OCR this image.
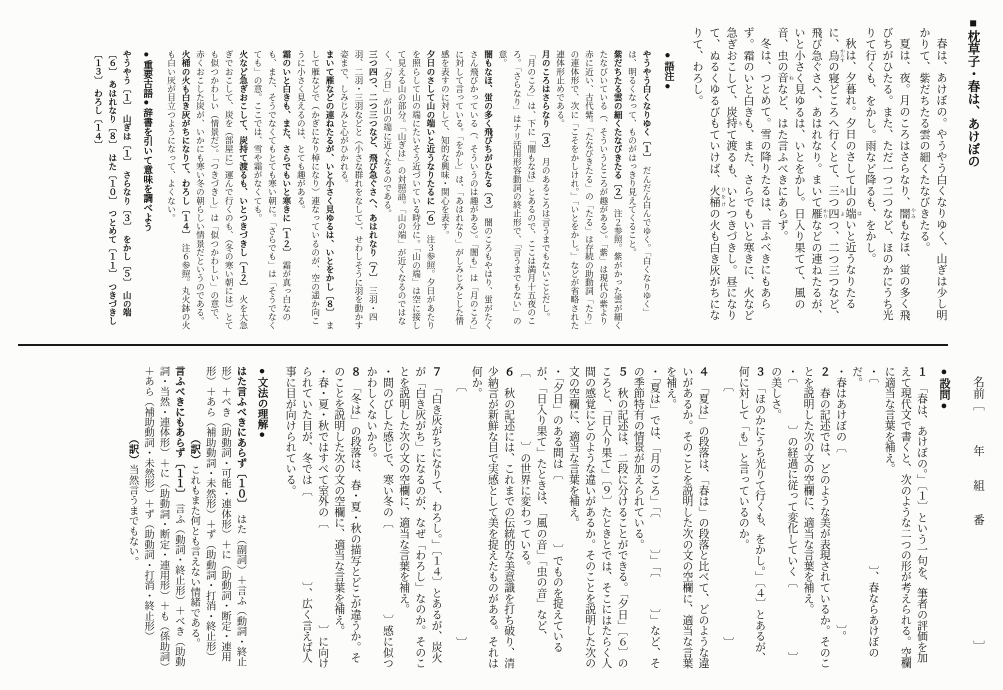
■枕草子・春は、あけぼの

春は、あけぼの。やうやう白くなりゆく、山ぎは少し明かりて、紫だちたる雲の細くたなびきたる。

夏は、夜。月のころはさらなり、闇 やみもなほ、蛍の多く飛びちがひたる。また、ただ一つ二つなど、ほのかにうち光りて行くも、をかし。雨など降るも、をかし。

秋は、夕暮れ。夕日のさして山の端 はいと近うなりたるに、烏 からすの寝どころへ行くとて、三 みつ四 よつ、二つ三つなど、飛び急ぐさへ、あはれなり。まいて雁 かりなどの連ねたるが、いと小さく見ゆるは、いとをかし。日入り果てて、風の音、虫の音 ねなど、はた言ふべきにあらず。

冬は、つとめて。雪の降りたるは、言ふべきにもあらず。霜のいと白きも、また、さらでもいと寒きに、火など急ぎおこして、炭持 もて渡るも、いとつきづきし。昼になりて、ぬるくゆるびもていけば、火桶 ひをけの火も白き灰がちになりて、わろし。

●語注●

やうやう白くなりゆく〔１〕　だんだん白んでゆく。「白くなりゆく」は、明るくなって、ものがはっきり見えてくること。

紫だちたる雲の細くたなびきたる〔２〕　注２参照。紫がかった雲が細くたなびいている（、そういうところが趣がある）。「紫」は現代の紫より赤に近い、古代紫。「たなびきたる」の「たる」は存続の助動詞「たり」の連体形で、次に「こそをかしけれ。」「いとをかし。」などが省略された連体形止めである。

月のころはさらなり〔３〕　月のあるころは言うまでもないことだし。「月のころ」は、下に「闇もなほ」とあるので、ここは満月十五夜のころ。「さらなり」はナリ活用形容動詞の終止形で、「言うまでもない」の意。

闇もなほ、蛍の多く飛びちがひたる〔３〕　闇のころもやはり、蛍がたくさん飛びかっている（、そういうのは趣がある）。「闇も」は「月のころ」に対して言っている。「をかし」は、「あはれなり」がしみじみとした情感を表すのに対して、知的な興味・関心を表す。

夕日のさして山の端いと近うなりたるに〔６〕　注３参照。夕日があたりを照らして山の端にたいそう近づいている時分に。「山の端」は空に接して見える山の部分。「山ぎは」の対照語。「山の端」が近くなるのではなく、「夕日」が山の端に近くなるのである。

三つ四つ、二つ三つなど、飛び急ぐさへ、あはれなり〔７〕　三羽・四羽、二羽・三羽などと（小さな群れをなして）、せわしそうに羽を動かす姿まで、しみじみと心がひかれる。

まいて雁などの連ねたるが、いと小さく見ゆるは、いとをかし〔８〕　まして雁などで（かぎになり棹になり）連なっているのが、空の遥か向こうに小さく見えるのは、とても趣がある。

霜のいと白きも、また、さらでもいと寒きに〔１２〕　霜が真っ白なのも、また、そうでなくてもとても寒い朝に。「さらでも」は「そうでなくても」の意。ここでは、雪や霜がなくても。

火など急ぎおこして、炭持て渡るも、いとつきづきし〔１２〕　火を大急ぎでおこして、炭を（部屋に）運んで行くのも、（冬の寒い朝には）とても似つかわしい（情景だ）。「つきづきし」は「似つかわしい」の意で、赤くおこした炭が、いかにも寒い冬の朝らしい情景だというのである。

火桶の火も白き灰がちになりて、わろし〔１４〕　注６参照。丸火鉢の火も白い灰が目立つようになって、よくない。

●重要古語●辞書を引いて意味を調べよう

やうやう〔１〕　山ぎは〔１〕　さらなり〔３〕　をかし〔５〕　山の端〔６〕　あはれなり〔８〕　はた〔１０〕　つとめて〔１１〕　つきづきし〔１３〕　わろし〔１４〕

名前［　　　年　　組　　番　　　　　　　　　　］

●設問●

１　「春は、あけぼの。」〔１〕という一句を、筆者の評価を加えて現代文で書くと、次のような二つの形が考えられる。空欄に適当な言葉を補え。

・〔　　　　　　　　　　　　　　　　　〕、春ならあけぼのだ。

・春はあけぼの〔　　　　　　　　　　　　　　　　〕。

２　春の記述では、どのような美が表現されているか。そのことを説明した次の文の空欄に、適当な言葉を補え。

・〔　　　　〕の経過に従って変化していく〔　　　　　　〕の美しさ。

３　「ほのかにうち光りて行くも、をかし。」〔４〕とあるが、何に対して「も」と言っているのか。

〔
〕

４　「夏は」の段落は、「春は」の段落と比べて、どのような違いがあるか。そのことを説明した次の文の空欄に、適当な言葉を補え。

・「夏は」では、「月のころ」「〔　　　〕」「〔　　　〕」など、その季節特有の情景が加えられている。

５　秋の記述は、二段に分けることができる。「夕日」〔６〕のころと、「日入り果て」〔９〕たときとでは、そこにはたらく人間の感覚にどのような違いがあるか。そのことを説明した次の文の空欄に、適当な言葉を補え。

・「夕日」のある間は〔　　　　　　〕でものを捉えているが、「日入り果て」たときは、「風の音」「虫の音」など、〔　　　　　　〕の世界に変わっている。

６　秋の記述には、これまでの伝統的な美意識を打ち破り、清少納言が新鮮な目で実感として美を捉えたものがある。それは何か。

〔
〕

７　「白き灰がちになりて、わろし。」〔１４〕とあるが、炭火が「白き灰がち」になるのが、なぜ「わろし」なのか。そのことを説明した次の文の空欄に、適当な言葉を補え。

・間のびした感じで、寒い冬の〔　　　　　　　　〕感に似つかわしくないから。

８　「冬は」の段落は、春・夏・秋の描写とどこが違うか。そのことを説明した次の文の空欄に、適当な言葉を補え。

・春・夏・秋ではすべて室外の〔　　　　　　　　　〕に向けられていた目が、冬では〔　　　　　　　　〕、広く言えば人事に目が向けられている。

●文法の理解●

はた言ふべきにあらず〔１０〕　はた（副詞）＋言ふ（動詞・終止形）＋べき（助動詞・可能・連体形）＋に（助動詞・断定・連用形）＋あら（補助動詞・未然形）＋ず（助動詞・打消・終止形）

（訳）これもまた何とも言えない情緒である。

言ふべきにもあらず〔１１〕　言ふ（動詞・終止形）＋べき（助動詞・当然・連体形）＋に（助動詞・断定・連用形）＋も（係助詞）＋あら（補助動詞・未然形）＋ず（助動詞・打消・終止形）

（訳）当然言うまでもない。
